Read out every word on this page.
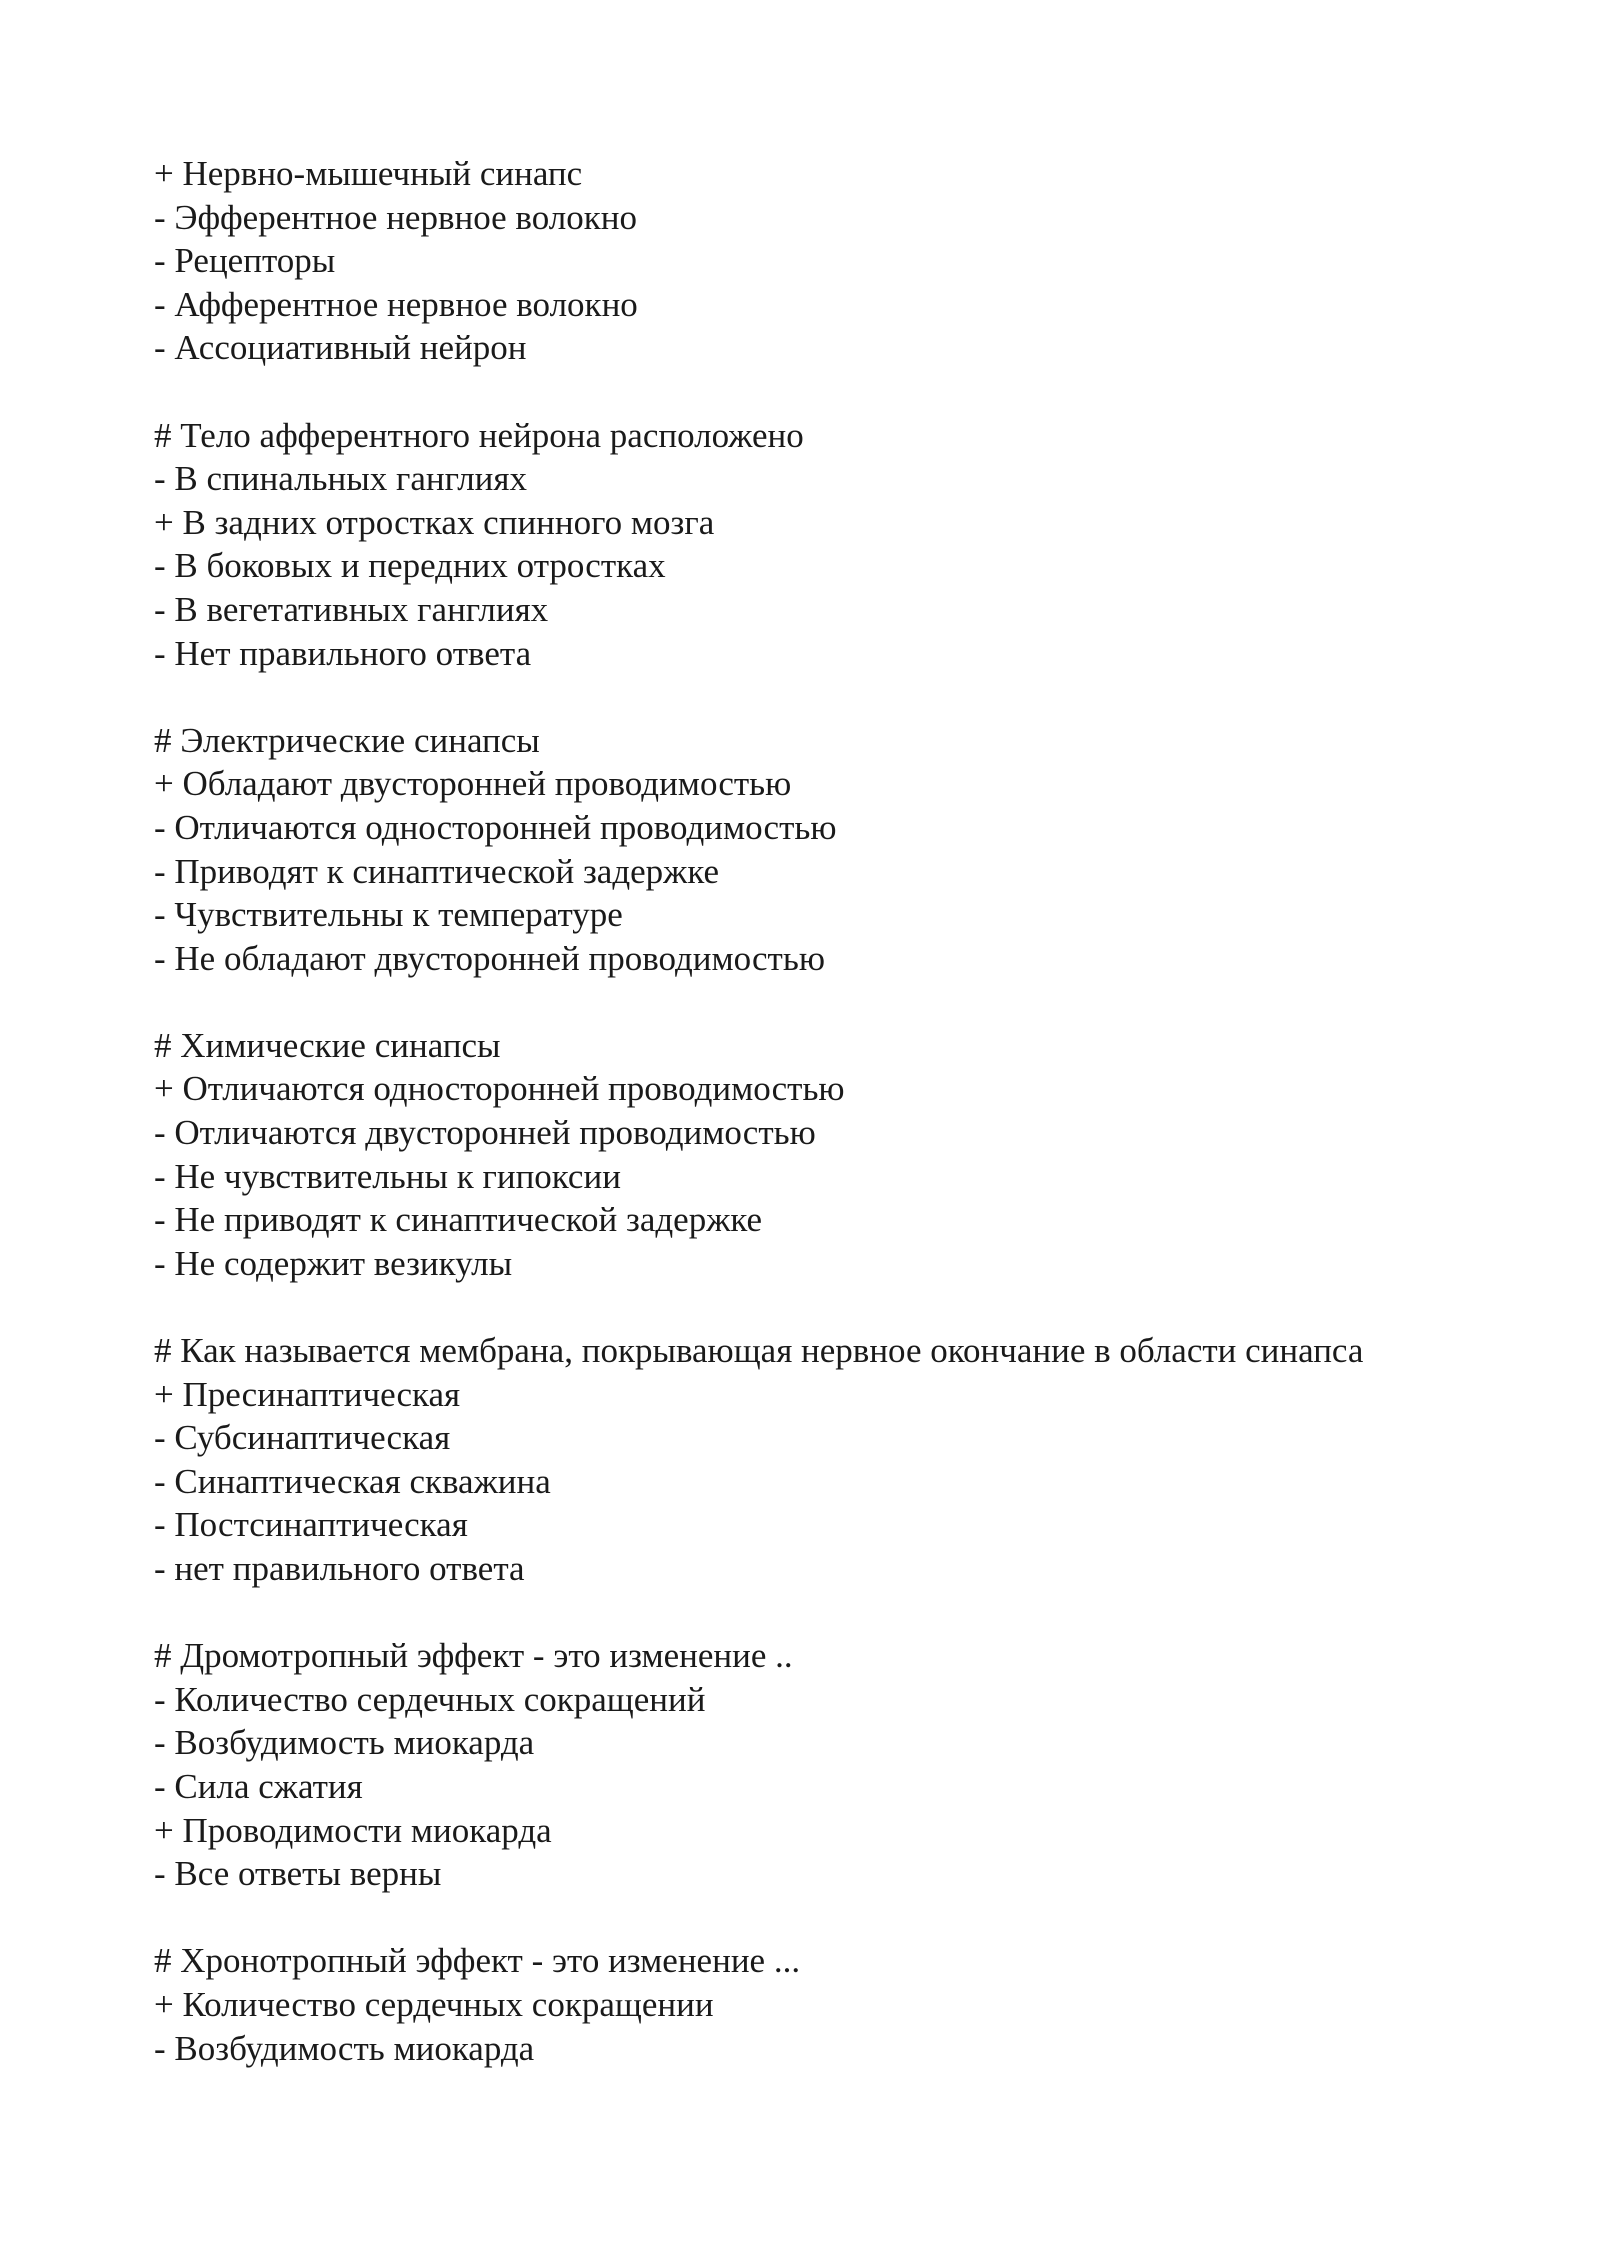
+ Нервно-мышечный синапс
- Эфферентное нервное волокно
- Рецепторы
- Афферентное нервное волокно
- Ассоциативный нейрон
# Тело афферентного нейрона расположено
- В спинальных ганглиях
+ В задних отростках спинного мозга
- В боковых и передних отростках
- В вегетативных ганглиях
- Нет правильного ответа
# Электрические синапсы
+ Обладают двусторонней проводимостью
- Отличаются односторонней проводимостью
- Приводят к синаптической задержке
- Чувствительны к температуре
- Не обладают двусторонней проводимостью
# Химические синапсы
+ Отличаются односторонней проводимостью
- Отличаются двусторонней проводимостью
- Не чувствительны к гипоксии
- Не приводят к синаптической задержке
- Не содержит везикулы
# Как называется мембрана, покрывающая нервное окончание в области синапса
+ Пресинаптическая
- Субсинаптическая
- Синаптическая скважина
- Постсинаптическая
- нет правильного ответа
# Дромотропный эффект - это изменение ..
- Количество сердечных сокращений
- Возбудимость миокарда
- Сила сжатия
+ Проводимости миокарда
- Все ответы верны
# Хронотропный эффект - это изменение ...
+ Количество сердечных сокращении
- Возбудимость миокарда
